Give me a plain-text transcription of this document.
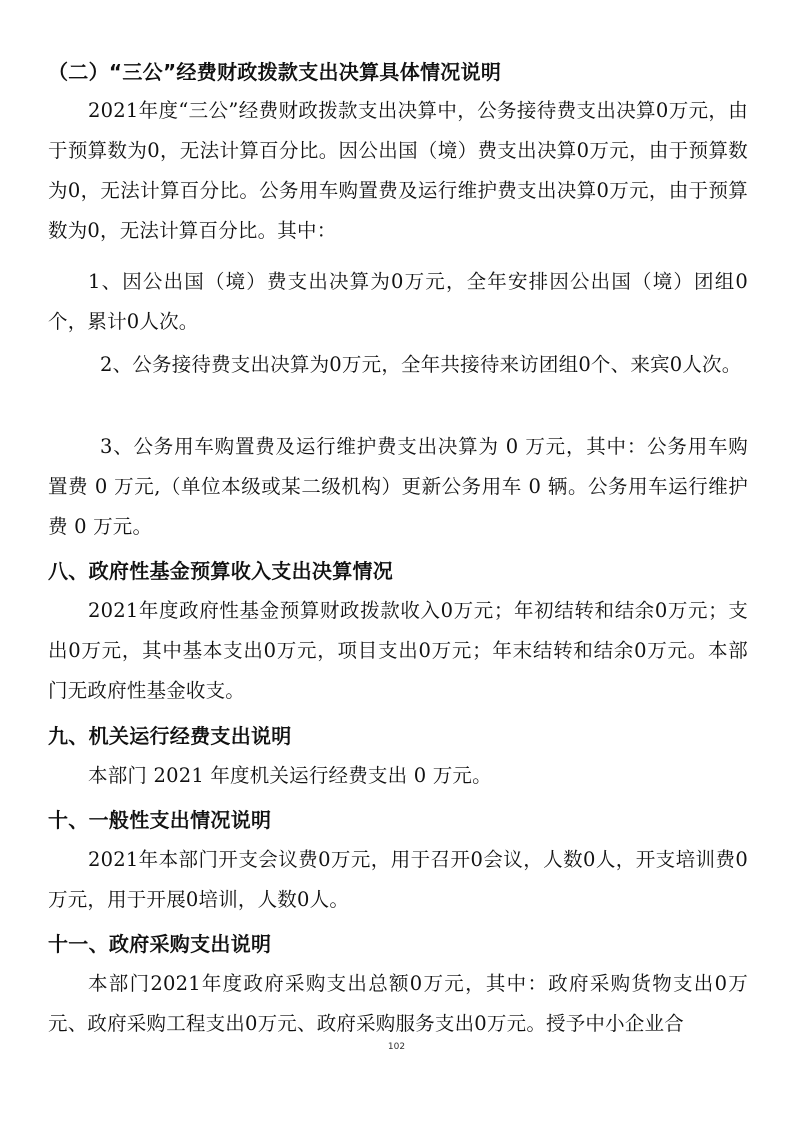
（二）“三公”经费财政拨款支出决算具体情况说明
2021年度“三公”经费财政拨款支出决算中，公务接待费支出决算0万元，由于预算数为0，无法计算百分比。因公出国（境）费支出决算0万元，由于预算数为0，无法计算百分比。公务用车购置费及运行维护费支出决算0万元，由于预算数为0，无法计算百分比。其中：
1、因公出国（境）费支出决算为0万元，全年安排因公出国（境）团组0个，累计0人次。
2、公务接待费支出决算为0万元，全年共接待来访团组0个、来宾0人次。
3、公务用车购置费及运行维护费支出决算为 0 万元，其中：公务用车购置费 0 万元,（单位本级或某二级机构）更新公务用车 0 辆。公务用车运行维护费 0 万元。
八、政府性基金预算收入支出决算情况
2021年度政府性基金预算财政拨款收入0万元；年初结转和结余0万元；支出0万元，其中基本支出0万元，项目支出0万元；年末结转和结余0万元。本部门无政府性基金收支。
九、机关运行经费支出说明
本部门 2021 年度机关运行经费支出 0 万元。
十、一般性支出情况说明
2021年本部门开支会议费0万元，用于召开0会议，人数0人，开支培训费0万元，用于开展0培训，人数0人。
十一、政府采购支出说明
本部门2021年度政府采购支出总额0万元，其中：政府采购货物支出0万元、政府采购工程支出0万元、政府采购服务支出0万元。授予中小企业合
102
